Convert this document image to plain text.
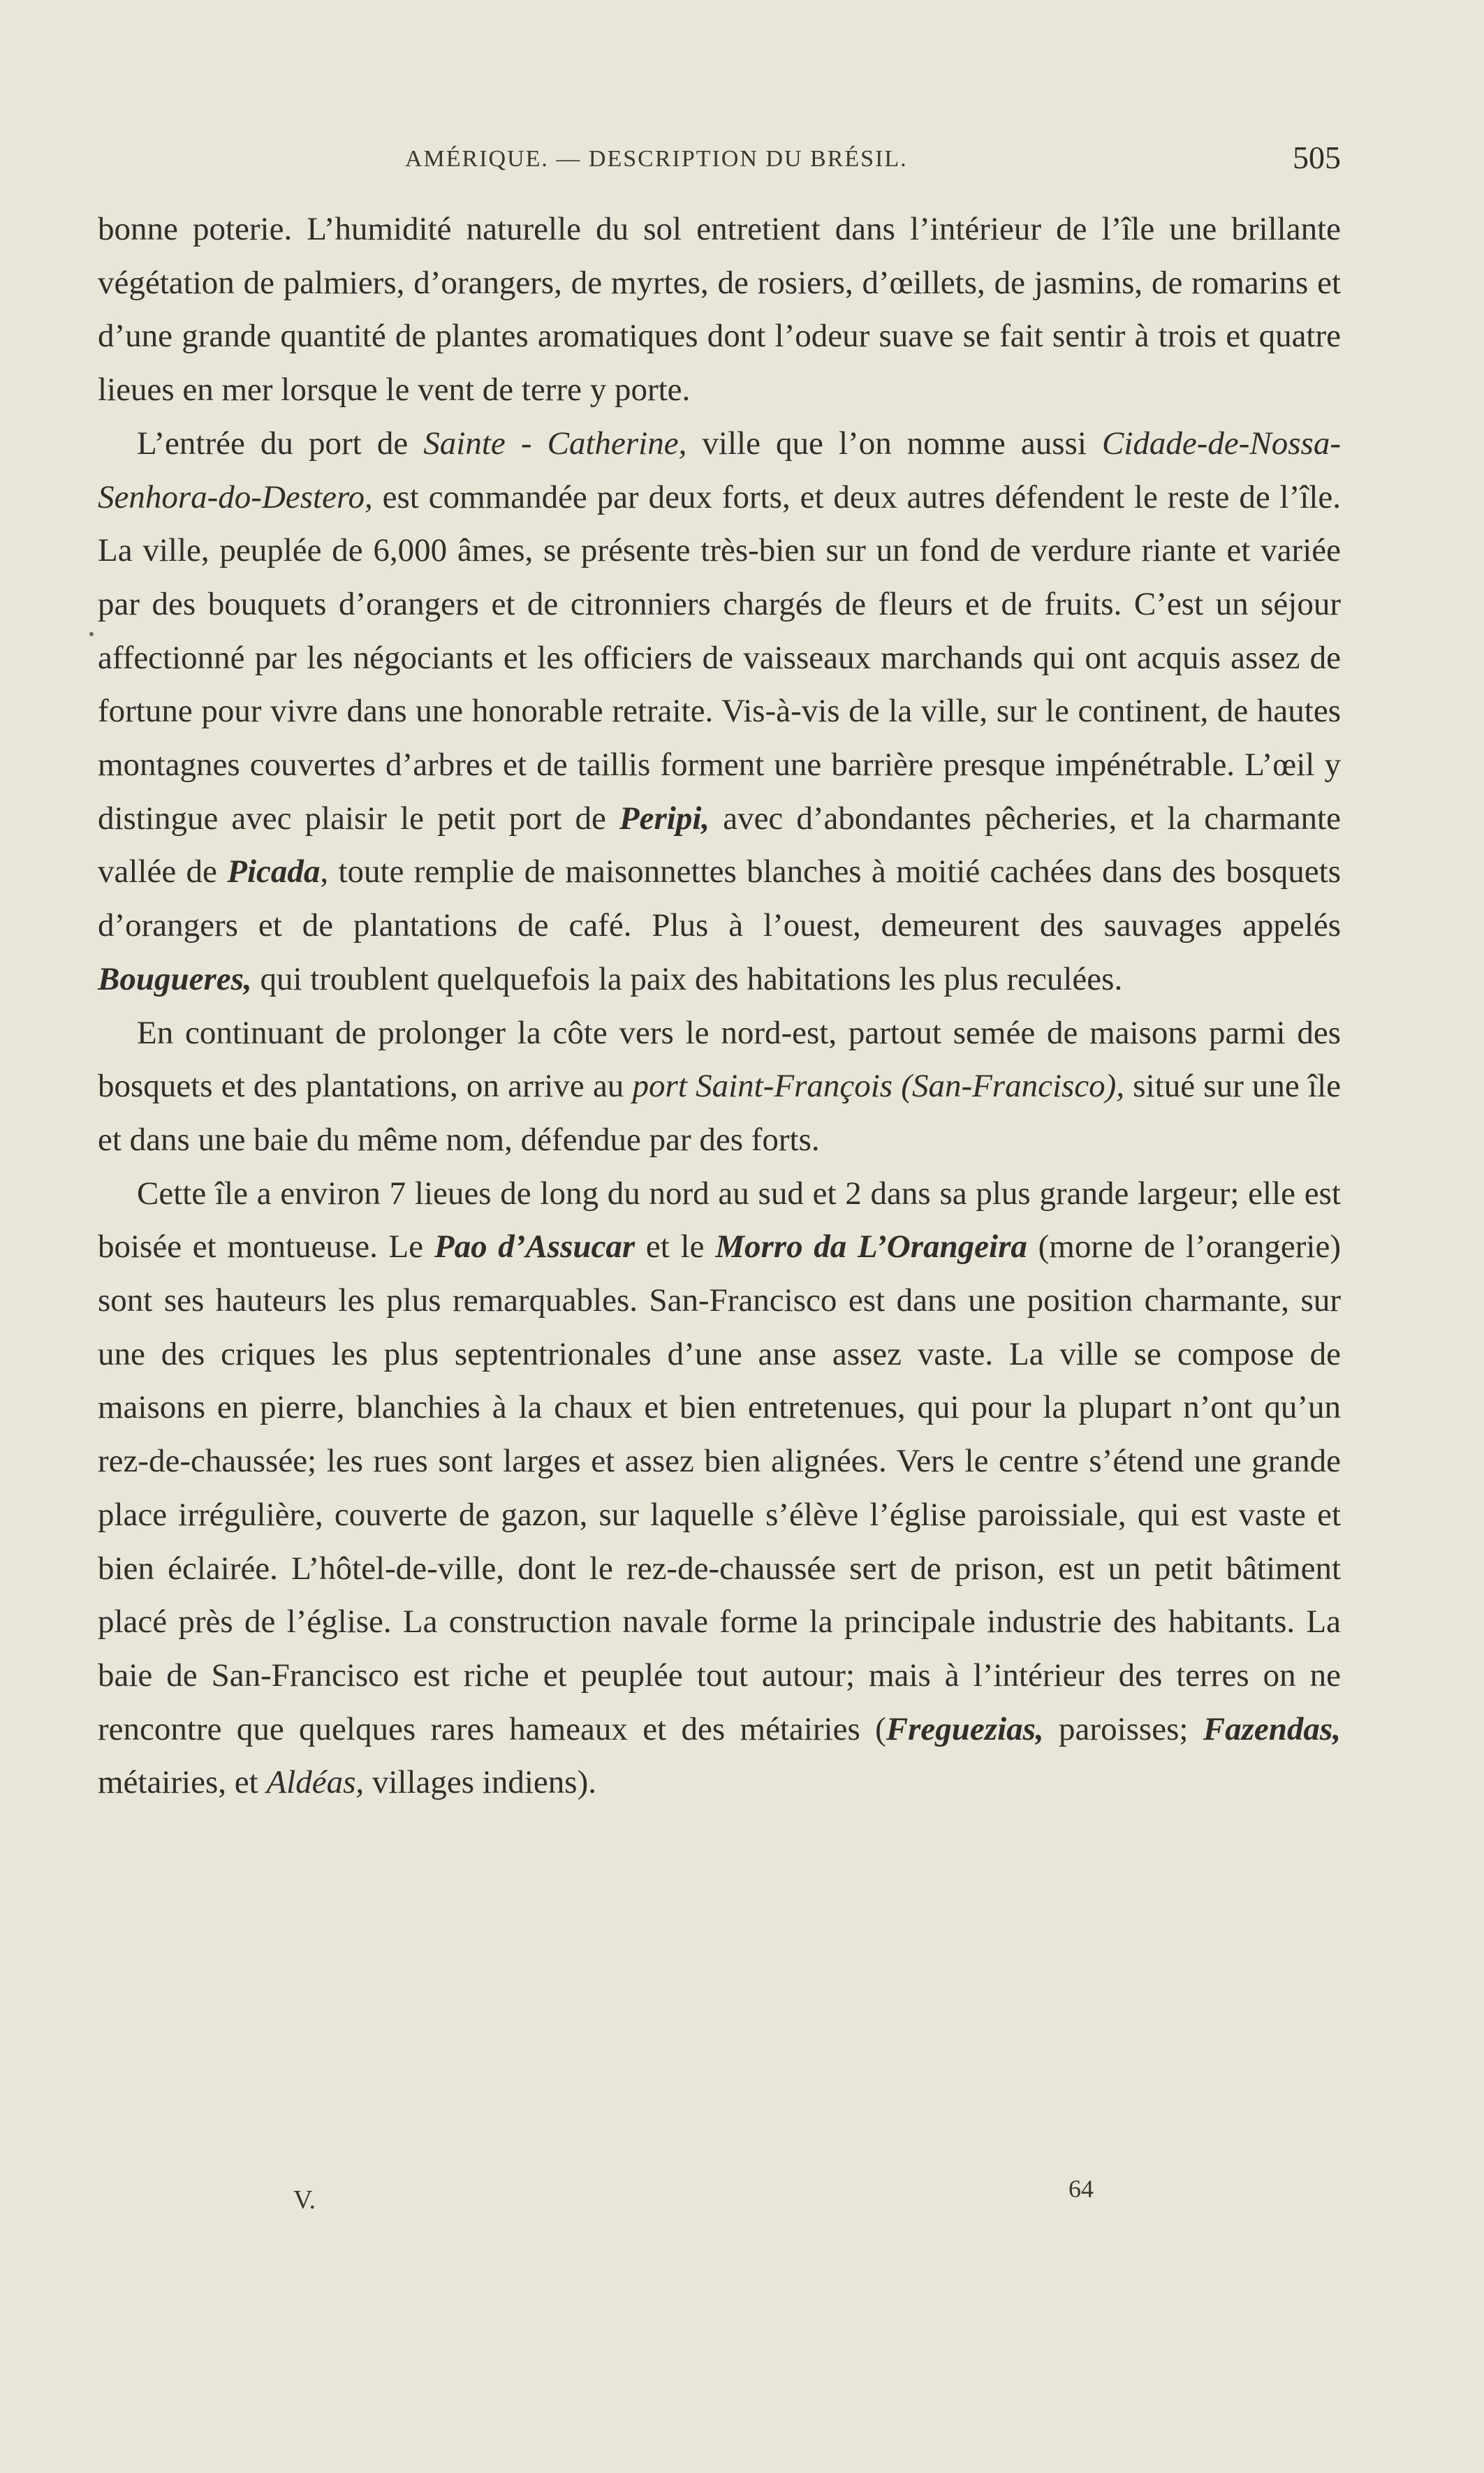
AMÉRIQUE. — DESCRIPTION DU BRÉSIL.	505

bonne poterie. L’humidité naturelle du sol entretient dans l’intérieur de l’île une brillante végétation de palmiers, d’orangers, de myrtes, de rosiers, d’œillets, de jasmins, de romarins et d’une grande quantité de plantes aromatiques dont l’odeur suave se fait sentir à trois et quatre lieues en mer lorsque le vent de terre y porte.

L’entrée du port de Sainte - Catherine, ville que l’on nomme aussi Cidade-de-Nossa-Senhora-do-Destero, est commandée par deux forts, et deux autres défendent le reste de l’île. La ville, peuplée de 6,000 âmes, se présente très-bien sur un fond de verdure riante et variée par des bouquets d’orangers et de citronniers chargés de fleurs et de fruits. C’est un séjour affectionné par les négociants et les officiers de vaisseaux marchands qui ont acquis assez de fortune pour vivre dans une honorable retraite. Vis-à-vis de la ville, sur le continent, de hautes montagnes couvertes d’arbres et de taillis forment une barrière presque impénétrable. L’œil y distingue avec plaisir le petit port de Peripi, avec d’abondantes pêcheries, et la charmante vallée de Picada, toute remplie de maisonnettes blanches à moitié cachées dans des bosquets d’orangers et de plantations de café. Plus à l’ouest, demeurent des sauvages appelés Bougueres, qui troublent quelquefois la paix des habitations les plus reculées.

En continuant de prolonger la côte vers le nord-est, partout semée de maisons parmi des bosquets et des plantations, on arrive au port Saint-François (San-Francisco), situé sur une île et dans une baie du même nom, défendue par des forts.

Cette île a environ 7 lieues de long du nord au sud et 2 dans sa plus grande largeur; elle est boisée et montueuse. Le Pao d’Assucar et le Morro da L’Orangeira (morne de l’orangerie) sont ses hauteurs les plus remarquables. San-Francisco est dans une position charmante, sur une des criques les plus septentrionales d’une anse assez vaste. La ville se compose de maisons en pierre, blanchies à la chaux et bien entretenues, qui pour la plupart n’ont qu’un rez-de-chaussée; les rues sont larges et assez bien alignées. Vers le centre s’étend une grande place irrégulière, couverte de gazon, sur laquelle s’élève l’église paroissiale, qui est vaste et bien éclairée. L’hôtel-de-ville, dont le rez-de-chaussée sert de prison, est un petit bâtiment placé près de l’église. La construction navale forme la principale industrie des habitants. La baie de San-Francisco est riche et peuplée tout autour; mais à l’intérieur des terres on ne rencontre que quelques rares hameaux et des métairies (Freguezias, paroisses; Fazendas, métairies, et Aldéas, villages indiens).

V.	64
